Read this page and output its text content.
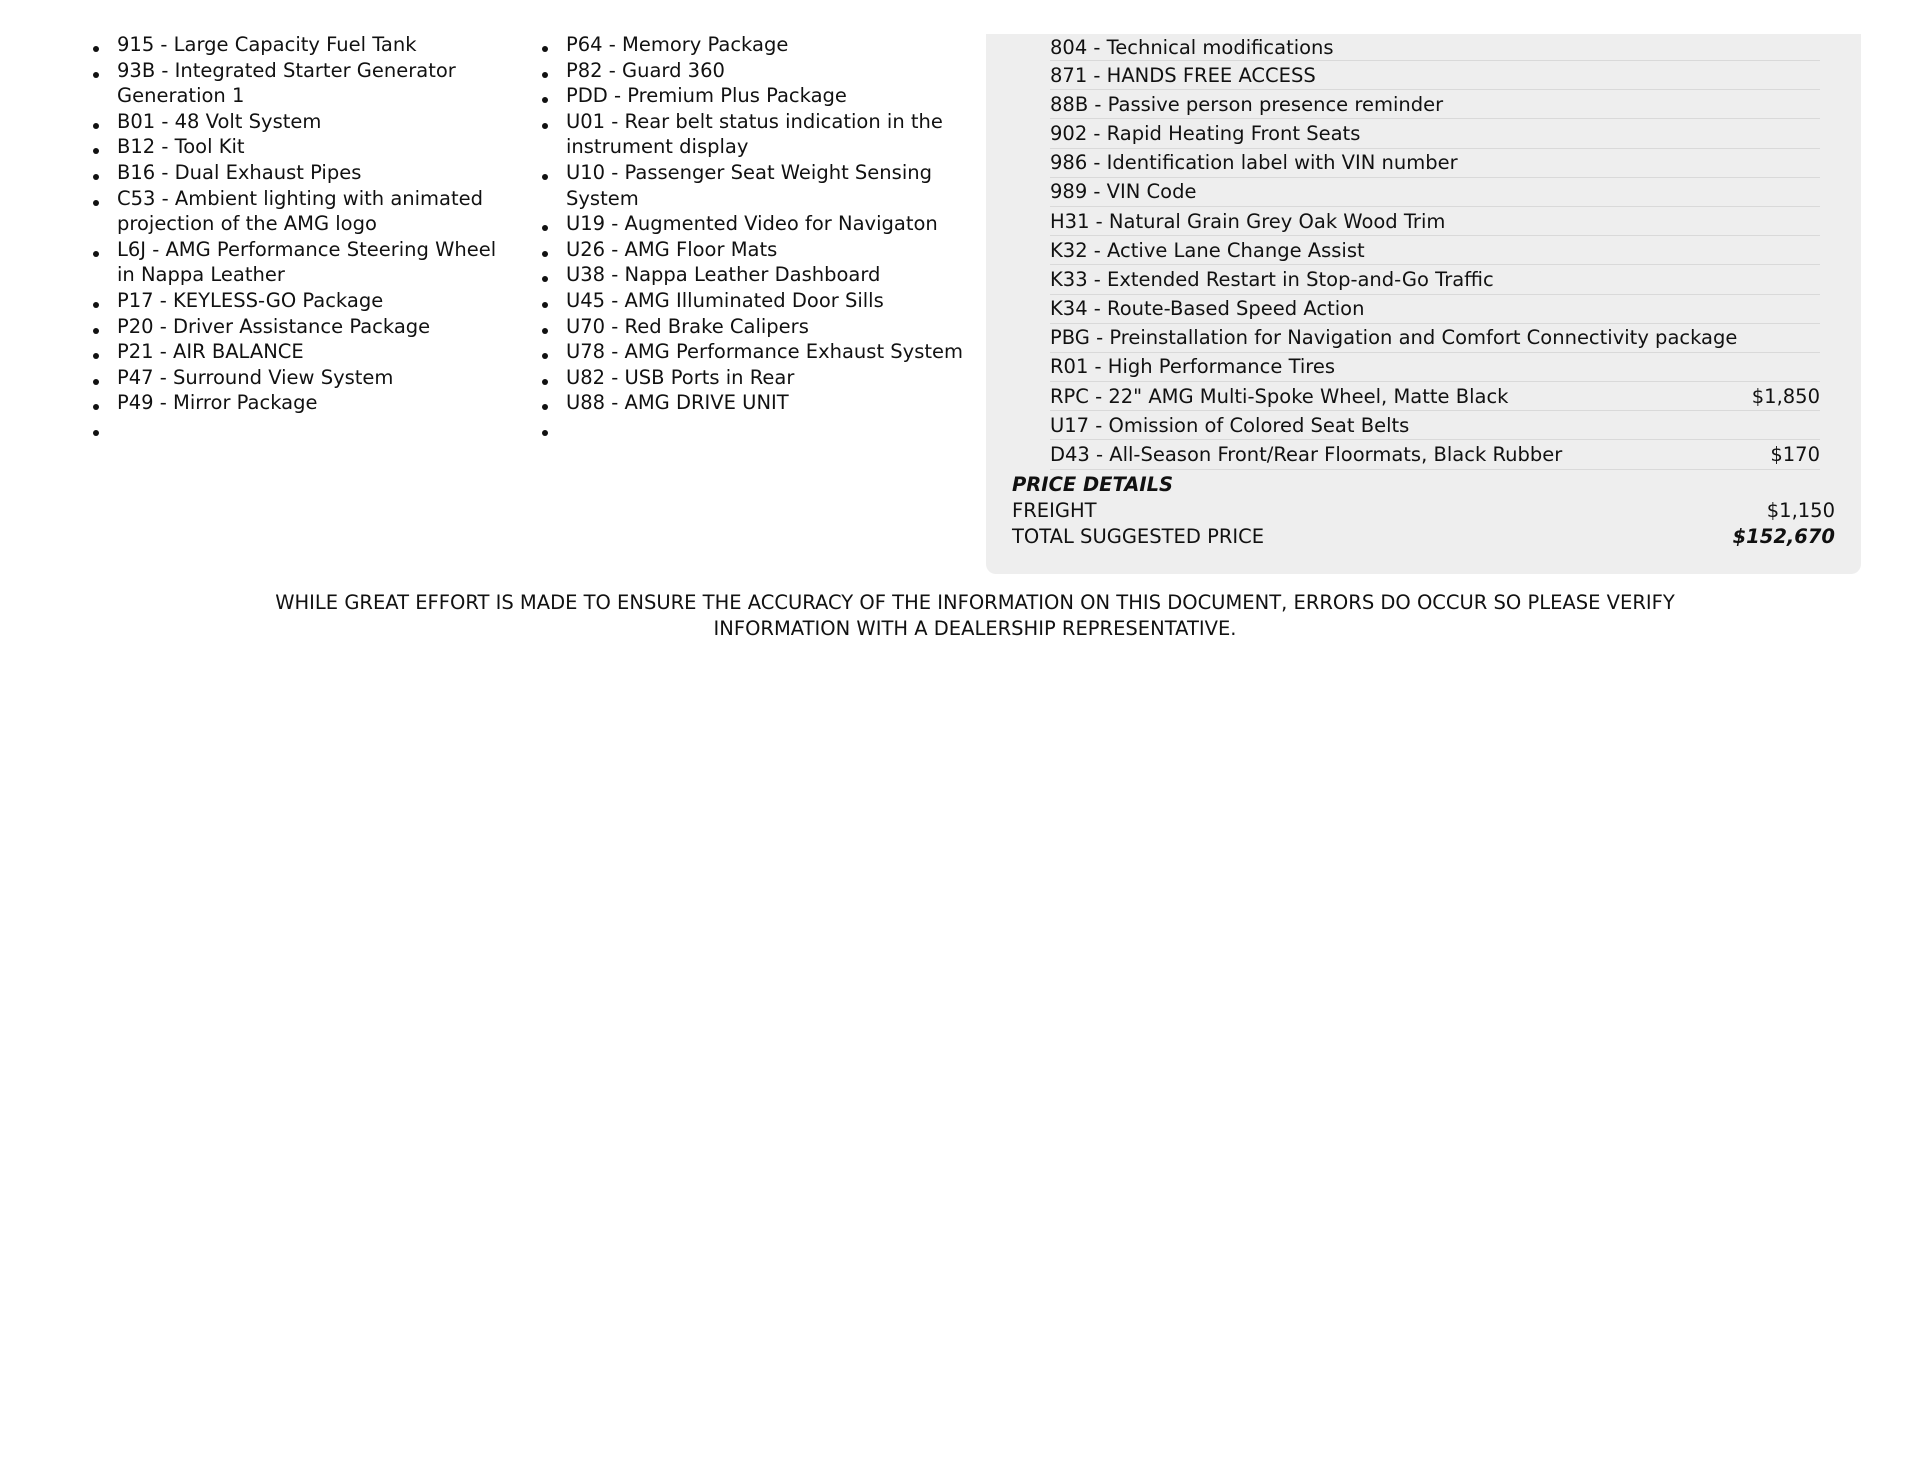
915 - Large Capacity Fuel Tank
93B - Integrated Starter Generator Generation 1
B01 - 48 Volt System
B12 - Tool Kit
B16 - Dual Exhaust Pipes
C53 - Ambient lighting with animated projection of the AMG logo
L6J - AMG Performance Steering Wheel in Nappa Leather
P17 - KEYLESS-GO Package
P20 - Driver Assistance Package
P21 - AIR BALANCE
P47 - Surround View System
P49 - Mirror Package
P64 - Memory Package
P82 - Guard 360
PDD - Premium Plus Package
U01 - Rear belt status indication in the instrument display
U10 - Passenger Seat Weight Sensing System
U19 - Augmented Video for Navigaton
U26 - AMG Floor Mats
U38 - Nappa Leather Dashboard
U45 - AMG Illuminated Door Sills
U70 - Red Brake Calipers
U78 - AMG Performance Exhaust System
U82 - USB Ports in Rear
U88 - AMG DRIVE UNIT
804 - Technical modifications
871 - HANDS FREE ACCESS
88B - Passive person presence reminder
902 - Rapid Heating Front Seats
986 - Identification label with VIN number
989 - VIN Code
H31 - Natural Grain Grey Oak Wood Trim
K32 - Active Lane Change Assist
K33 - Extended Restart in Stop-and-Go Traffic
K34 - Route-Based Speed Action
PBG - Preinstallation for Navigation and Comfort Connectivity package
R01 - High Performance Tires
RPC - 22" AMG Multi-Spoke Wheel, Matte Black	$1,850
U17 - Omission of Colored Seat Belts
D43 - All-Season Front/Rear Floormats, Black Rubber	$170
PRICE DETAILS
FREIGHT	$1,150
TOTAL SUGGESTED PRICE	$152,670
WHILE GREAT EFFORT IS MADE TO ENSURE THE ACCURACY OF THE INFORMATION ON THIS DOCUMENT, ERRORS DO OCCUR SO PLEASE VERIFY INFORMATION WITH A DEALERSHIP REPRESENTATIVE.
